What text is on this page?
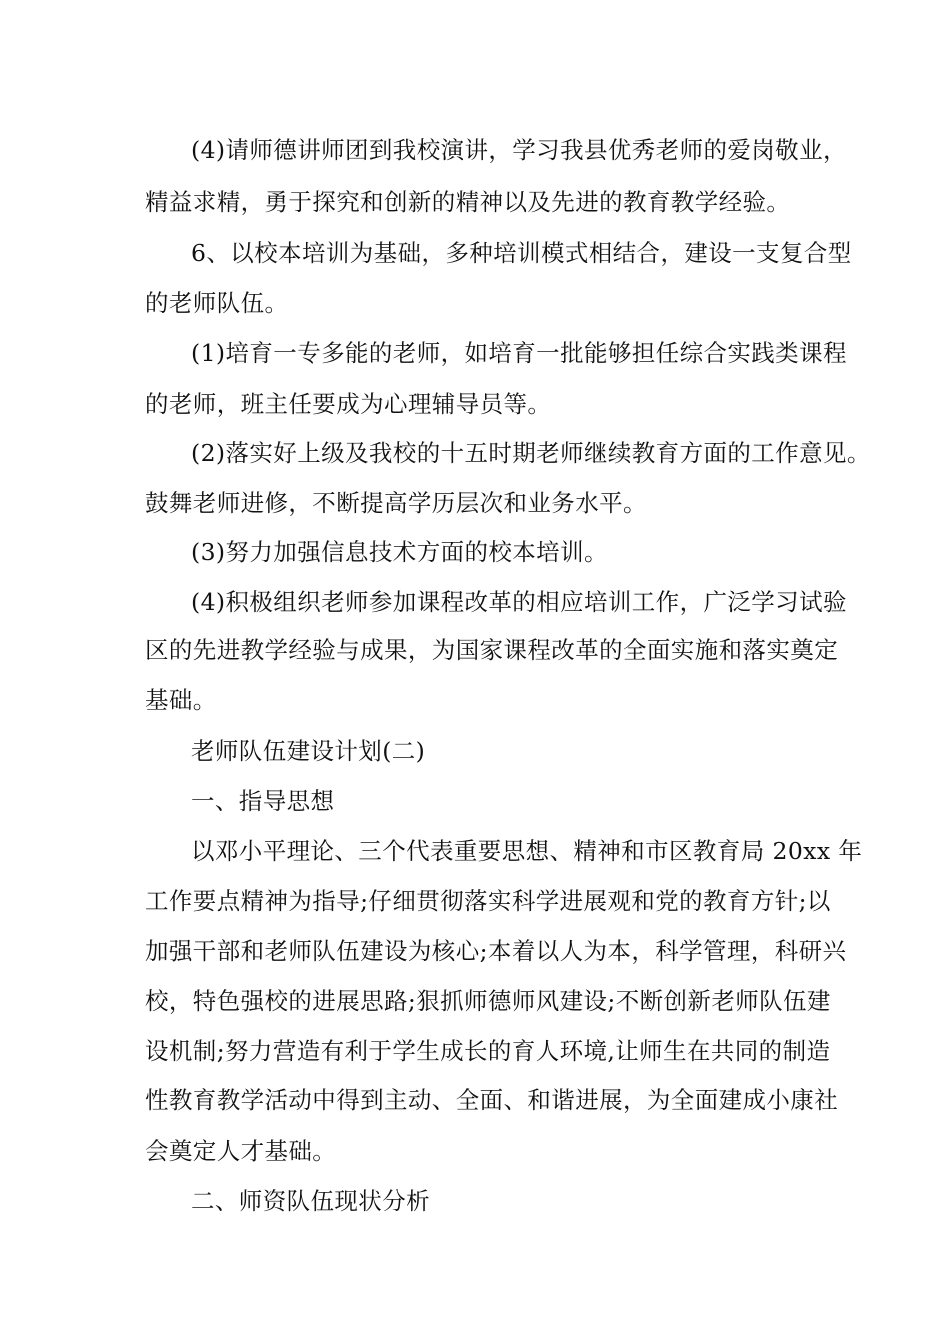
(4)请师德讲师团到我校演讲，学习我县优秀老师的爱岗敬业，
精益求精，勇于探究和创新的精神以及先进的教育教学经验。
6、以校本培训为基础，多种培训模式相结合，建设一支复合型
的老师队伍。
(1)培育一专多能的老师，如培育一批能够担任综合实践类课程
的老师，班主任要成为心理辅导员等。
(2)落实好上级及我校的十五时期老师继续教育方面的工作意见。
鼓舞老师进修，不断提高学历层次和业务水平。
(3)努力加强信息技术方面的校本培训。
(4)积极组织老师参加课程改革的相应培训工作，广泛学习试验
区的先进教学经验与成果，为国家课程改革的全面实施和落实奠定
基础。
老师队伍建设计划(二)
一、指导思想
以邓小平理论、三个代表重要思想、精神和市区教育局 20xx 年
工作要点精神为指导;仔细贯彻落实科学进展观和党的教育方针;以
加强干部和老师队伍建设为核心;本着以人为本，科学管理，科研兴
校，特色强校的进展思路;狠抓师德师风建设;不断创新老师队伍建
设机制;努力营造有利于学生成长的育人环境,让师生在共同的制造
性教育教学活动中得到主动、全面、和谐进展，为全面建成小康社
会奠定人才基础。
二、师资队伍现状分析
